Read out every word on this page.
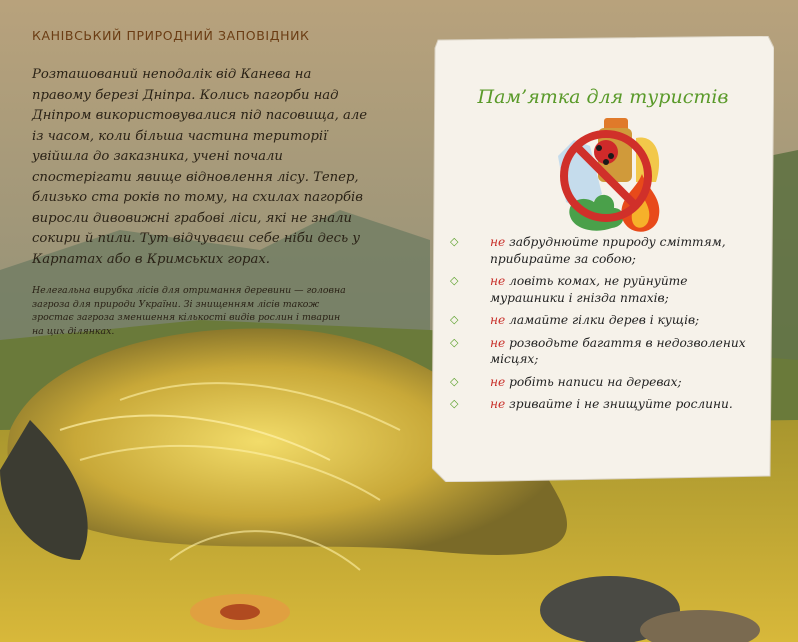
КАНІВСЬКИЙ ПРИРОДНИЙ ЗАПОВІДНИК

Розташований неподалік від Канева на правому березі Дніпра. Колись пагорби над Дніпром використовувалися під пасовища, але із часом, коли більша частина території увійшла до заказника, учені почали спостерігати явище відновлення лісу. Тепер, близько ста років по тому, на схилах пагорбів виросли дивовижні грабові ліси, які не знали сокири й пили. Тут відчуваєш себе ніби десь у Карпатах або в Кримських горах.

Нелегальна вирубка лісів для отримання деревини — головна загроза для природи України. Зі знищенням лісів також зростає загроза зменшення кількості видів рослин і тварин на цих ділянках.

Пам’ятка для туристів
◇	не забруднюйте природу сміттям, прибирайте за собою;
◇	не ловіть комах, не руйнуйте мурашники і гнізда птахів;
◇	не ламайте гілки дерев і кущів;
◇	не розводьте багаття в недозволених місцях;
◇	не робіть написи на деревах;
◇	не зривайте і не знищуйте рослини.
